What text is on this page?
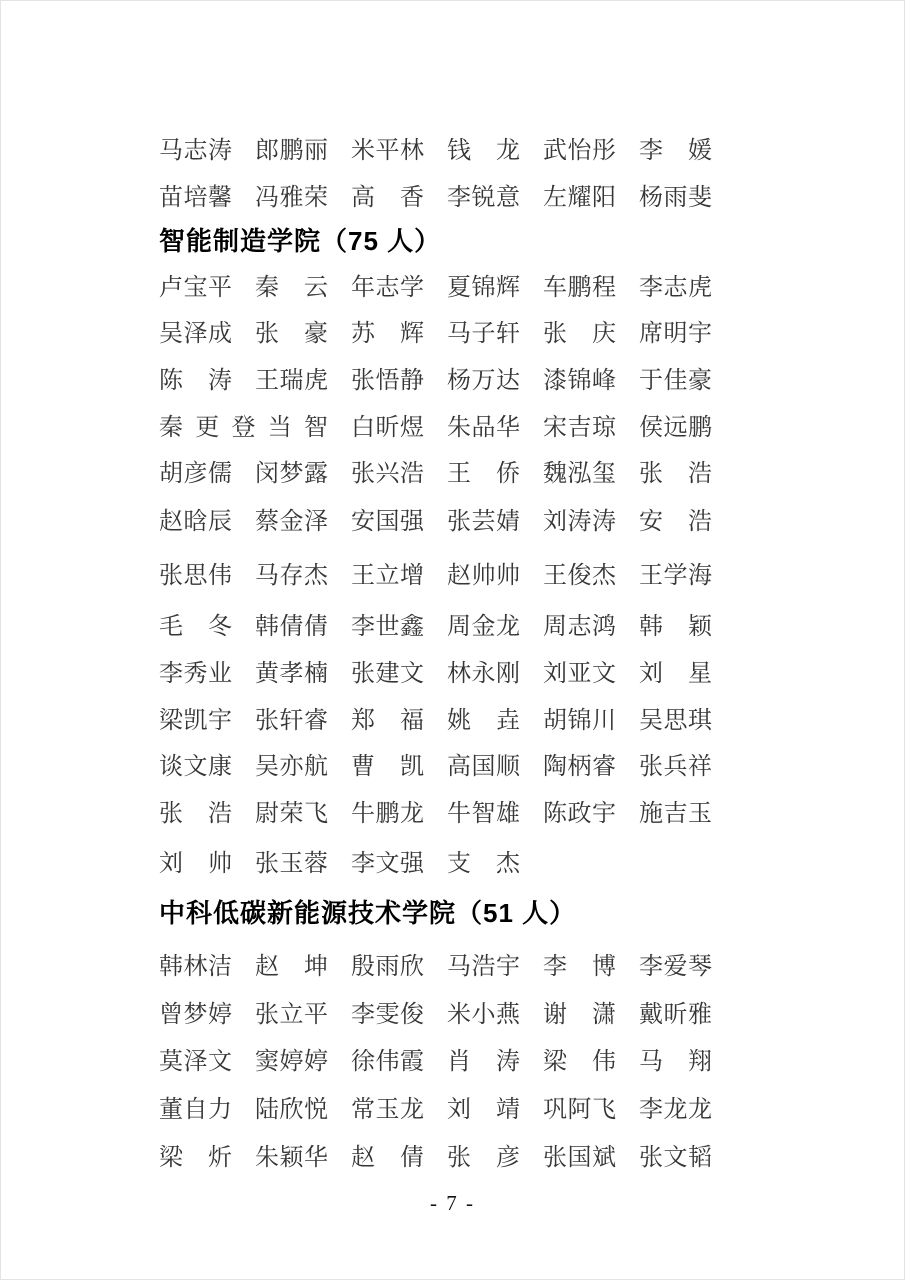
马志涛 郎鹏丽 米平林 钱龙 武怡彤 李媛
苗培馨 冯雅荣 高香 李锐意 左耀阳 杨雨斐
智能制造学院（75 人）
卢宝平 秦云 年志学 夏锦辉 车鹏程 李志虎
吴泽成 张豪 苏辉 马子轩 张庆 席明宇
陈涛 王瑞虎 张悟静 杨万达 漆锦峰 于佳豪
秦更登当智 白昕煜 朱品华 宋吉琼 侯远鹏
胡彦儒 闵梦露 张兴浩 王侨 魏泓玺 张浩
赵晗辰 蔡金泽 安国强 张芸婧 刘涛涛 安浩
张思伟 马存杰 王立增 赵帅帅 王俊杰 王学海
毛冬 韩倩倩 李世鑫 周金龙 周志鸿 韩颖
李秀业 黄孝楠 张建文 林永刚 刘亚文 刘星
梁凯宇 张轩睿 郑福 姚垚 胡锦川 吴思琪
谈文康 吴亦航 曹凯 高国顺 陶柄睿 张兵祥
张浩 尉荣飞 牛鹏龙 牛智雄 陈政宇 施吉玉
刘帅 张玉蓉 李文强 支杰
中科低碳新能源技术学院（51 人）
韩林洁 赵坤 殷雨欣 马浩宇 李博 李爱琴
曾梦婷 张立平 李雯俊 米小燕 谢潇 戴昕雅
莫泽文 窦婷婷 徐伟霞 肖涛 梁伟 马翔
董自力 陆欣悦 常玉龙 刘靖 巩阿飞 李龙龙
梁炘 朱颖华 赵倩 张彦 张国斌 张文韬
- 7 -
